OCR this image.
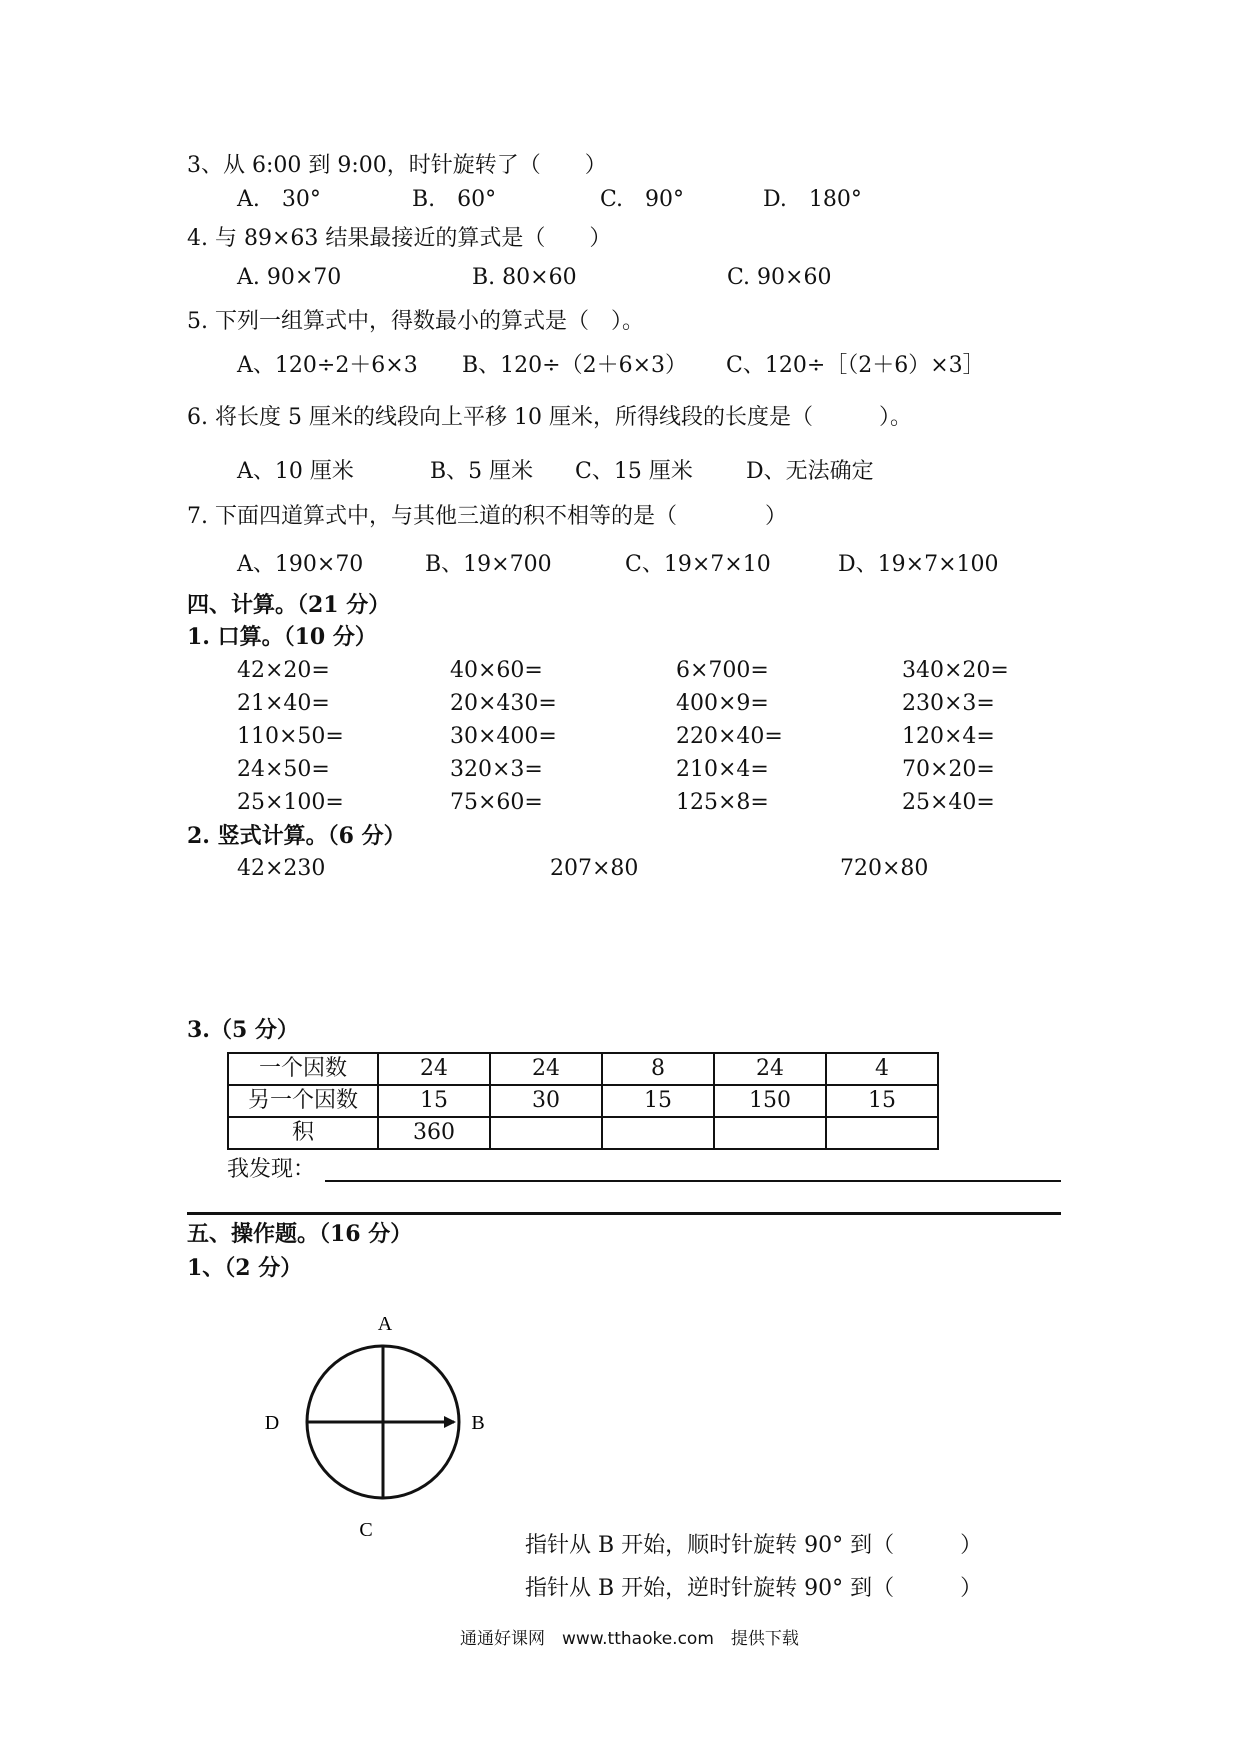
3、从 6:00 到 9:00，时针旋转了（　　）
A.　30°	B.　60°	C.　90°	D.　180°
4. 与 89×63 结果最接近的算式是（　　）
A. 90×70	B. 80×60	C. 90×60
5. 下列一组算式中，得数最小的算式是（　）。
A、120÷2＋6×3 B、120÷（2＋6×3） C、120÷［（2＋6）×3］
6. 将长度 5 厘米的线段向上平移 10 厘米，所得线段的长度是（　　　）。
A、10 厘米	B、5 厘米 C、15 厘米 D、无法确定
7. 下面四道算式中，与其他三道的积不相等的是（　　　　）
A、190×70	B、19×700	C、19×7×10	D、19×7×100
四、计算。（21 分）
1. 口算。（10 分）
42×20=	40×60=	6×700=	340×20=
21×40=	20×430=	400×9=	230×3=
110×50=	30×400=	220×40=	120×4=
24×50=	320×3=	210×4=	70×20=
25×100=	75×60=	125×8=	25×40=
2. 竖式计算。（6 分）
42×230	207×80	720×80
3.（5 分）
一个因数	24	24	8	24	4
另一个因数	15	30	15	150	15
积	360				
我发现：
五、操作题。（16 分）
1、（2 分）
A
B
C
D
指针从 B 开始，顺时针旋转 90° 到（　　　）
指针从 B 开始，逆时针旋转 90° 到（　　　）
通通好课网　www.tthaoke.com　提供下载
